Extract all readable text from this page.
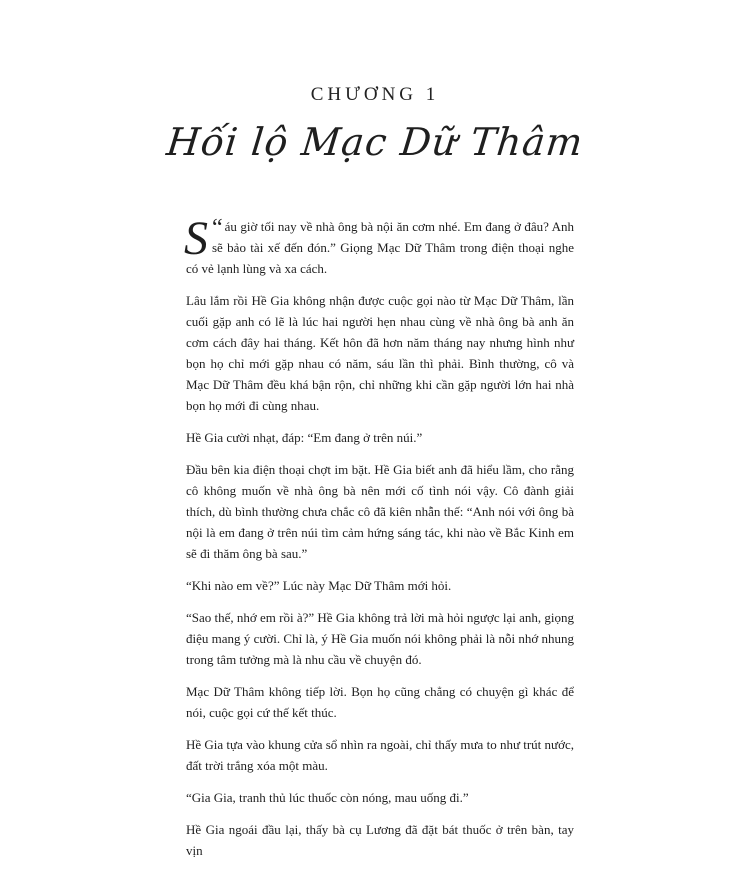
CHƯƠNG 1
Hối lộ Mạc Dữ Thâm

“
S áu giờ tối nay về nhà ông bà nội ăn cơm nhé. Em đang ở đâu? Anh sẽ bảo tài xế đến đón.” Giọng Mạc Dữ Thâm trong điện thoại nghe có vẻ lạnh lùng và xa cách.

Lâu lắm rồi Hề Gia không nhận được cuộc gọi nào từ Mạc Dữ Thâm, lần cuối gặp anh có lẽ là lúc hai người hẹn nhau cùng về nhà ông bà anh ăn cơm cách đây hai tháng. Kết hôn đã hơn năm tháng nay nhưng hình như bọn họ chỉ mới gặp nhau có năm, sáu lần thì phải. Bình thường, cô và Mạc Dữ Thâm đều khá bận rộn, chỉ những khi cần gặp người lớn hai nhà bọn họ mới đi cùng nhau.

Hề Gia cười nhạt, đáp: “Em đang ở trên núi.”

Đầu bên kia điện thoại chợt im bặt. Hề Gia biết anh đã hiểu lầm, cho rằng cô không muốn về nhà ông bà nên mới cố tình nói vậy. Cô đành giải thích, dù bình thường chưa chắc cô đã kiên nhẫn thế: “Anh nói với ông bà nội là em đang ở trên núi tìm cảm hứng sáng tác, khi nào về Bắc Kinh em sẽ đi thăm ông bà sau.”

“Khi nào em về?” Lúc này Mạc Dữ Thâm mới hỏi.

“Sao thế, nhớ em rồi à?” Hề Gia không trả lời mà hỏi ngược lại anh, giọng điệu mang ý cười. Chỉ là, ý Hề Gia muốn nói không phải là nỗi nhớ nhung trong tâm tưởng mà là nhu cầu về chuyện đó.

Mạc Dữ Thâm không tiếp lời. Bọn họ cũng chẳng có chuyện gì khác để nói, cuộc gọi cứ thế kết thúc.

Hề Gia tựa vào khung cửa sổ nhìn ra ngoài, chỉ thấy mưa to như trút nước, đất trời trắng xóa một màu.

“Gia Gia, tranh thủ lúc thuốc còn nóng, mau uống đi.”

Hề Gia ngoái đầu lại, thấy bà cụ Lương đã đặt bát thuốc ở trên bàn, tay vịn
